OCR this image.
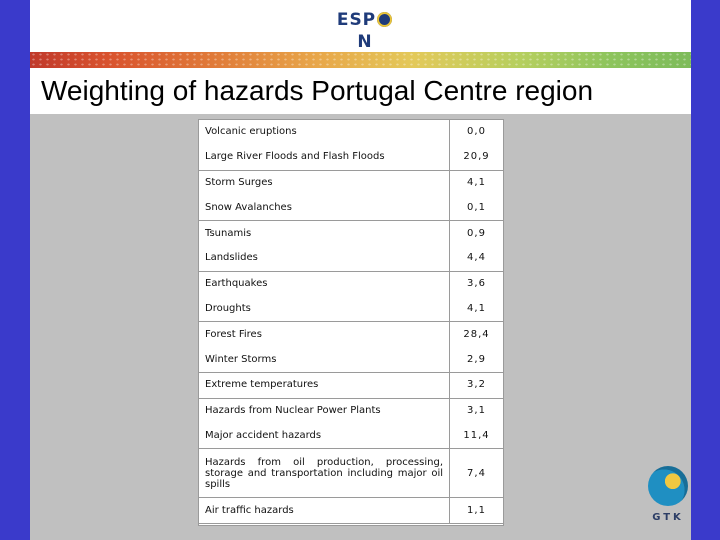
ESPN
Weighting of hazards Portugal Centre region
Volcanic eruptions	0,0
Large River Floods and Flash Floods	20,9
Storm Surges	4,1
Snow Avalanches	0,1
Tsunamis	0,9
Landslides	4,4
Earthquakes	3,6
Droughts	4,1
Forest Fires	28,4
Winter Storms	2,9
Extreme temperatures	3,2
Hazards from Nuclear Power Plants	3,1
Major accident hazards	11,4
Hazards from oil production, processing, storage and transportation including major oil spills	7,4
Air traffic hazards	1,1
GTK
